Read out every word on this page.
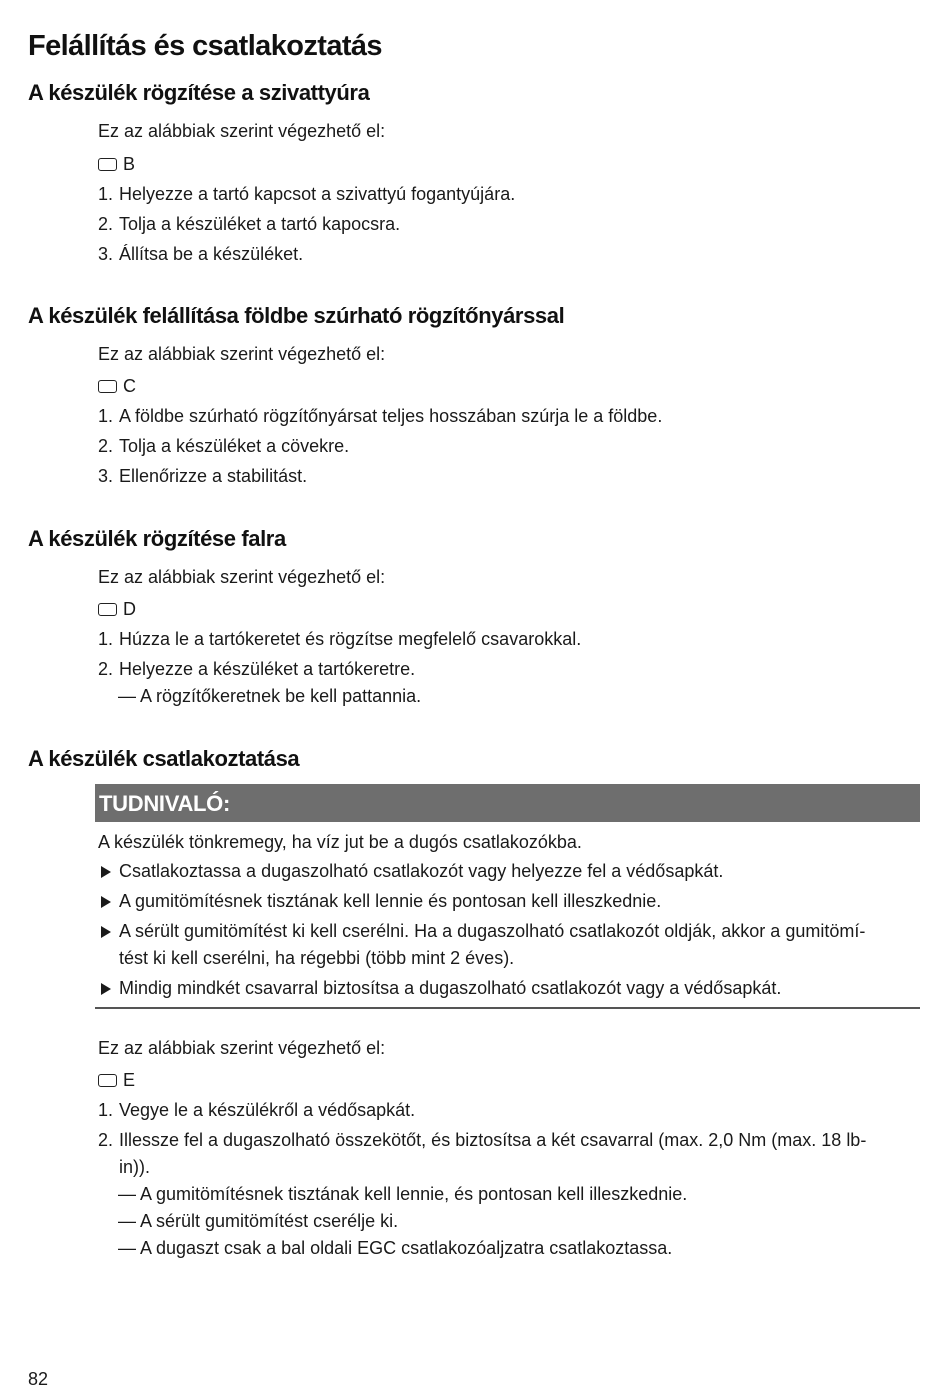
Felállítás és csatlakoztatás
A készülék rögzítése a szivattyúra
Ez az alábbiak szerint végezhető el:
B
1. Helyezze a tartó kapcsot a szivattyú fogantyújára.
2. Tolja a készüléket a tartó kapocsra.
3. Állítsa be a készüléket.
A készülék felállítása földbe szúrható rögzítőnyárssal
Ez az alábbiak szerint végezhető el:
C
1. A földbe szúrható rögzítőnyársat teljes hosszában szúrja le a földbe.
2. Tolja a készüléket a cövekre.
3. Ellenőrizze a stabilitást.
A készülék rögzítése falra
Ez az alábbiak szerint végezhető el:
D
1. Húzza le a tartókeretet és rögzítse megfelelő csavarokkal.
2. Helyezze a készüléket a tartókeretre.
— A rögzítőkeretnek be kell pattannia.
A készülék csatlakoztatása
TUDNIVALÓ:
A készülék tönkremegy, ha víz jut be a dugós csatlakozókba.
Csatlakoztassa a dugaszolható csatlakozót vagy helyezze fel a védősapkát.
A gumitömítésnek tisztának kell lennie és pontosan kell illeszkednie.
A sérült gumitömítést ki kell cserélni. Ha a dugaszolható csatlakozót oldják, akkor a gumitömí-
tést ki kell cserélni, ha régebbi (több mint 2 éves).
Mindig mindkét csavarral biztosítsa a dugaszolható csatlakozót vagy a védősapkát.
Ez az alábbiak szerint végezhető el:
E
1. Vegye le a készülékről a védősapkát.
2. Illessze fel a dugaszolható összekötőt, és biztosítsa a két csavarral (max. 2,0 Nm (max. 18 lb-
in)).
— A gumitömítésnek tisztának kell lennie, és pontosan kell illeszkednie.
— A sérült gumitömítést cserélje ki.
— A dugaszt csak a bal oldali EGC csatlakozóaljzatra csatlakoztassa.
82
